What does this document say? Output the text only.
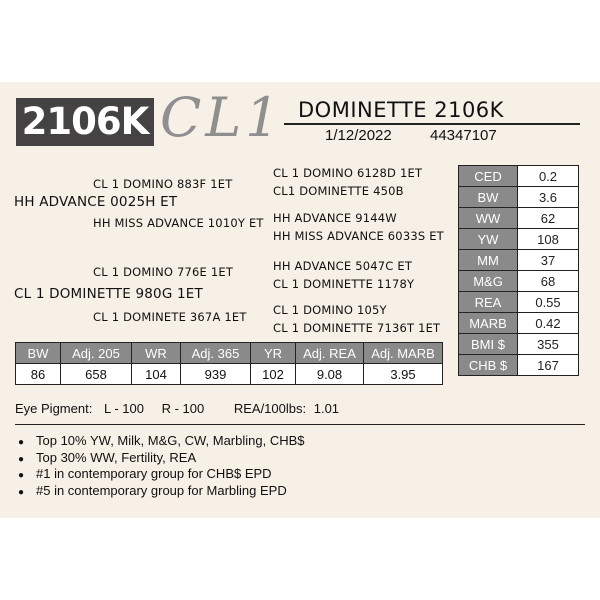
2106K CL1 DOMINETTE 2106K
1/12/2022	44347107
CL 1 DOMINO 883F 1ET
HH ADVANCE 0025H ET
HH MISS ADVANCE 1010Y ET
CL 1 DOMINO 6128D 1ET
CL1 DOMINETTE 450B
HH ADVANCE 9144W
HH MISS ADVANCE 6033S ET
CL 1 DOMINO 776E 1ET
CL 1 DOMINETTE 980G 1ET
CL 1 DOMINETE 367A 1ET
HH ADVANCE 5047C ET
CL 1 DOMINETTE 1178Y
CL 1 DOMINO 105Y
CL 1 DOMINETTE 7136T 1ET
CED	0.2
BW	3.6
WW	62
YW	108
MM	37
M&G	68
REA	0.55
MARB	0.42
BMI $	355
CHB $	167
BW	Adj. 205	WR	Adj. 365	YR	Adj. REA	Adj. MARB
86	658	104	939	102	9.08	3.95
Eye Pigment: L - 100 R - 100 REA/100lbs: 1.01
● Top 10% YW, Milk, M&G, CW, Marbling, CHB$
● Top 30% WW, Fertility, REA
● #1 in contemporary group for CHB$ EPD
● #5 in contemporary group for Marbling EPD
